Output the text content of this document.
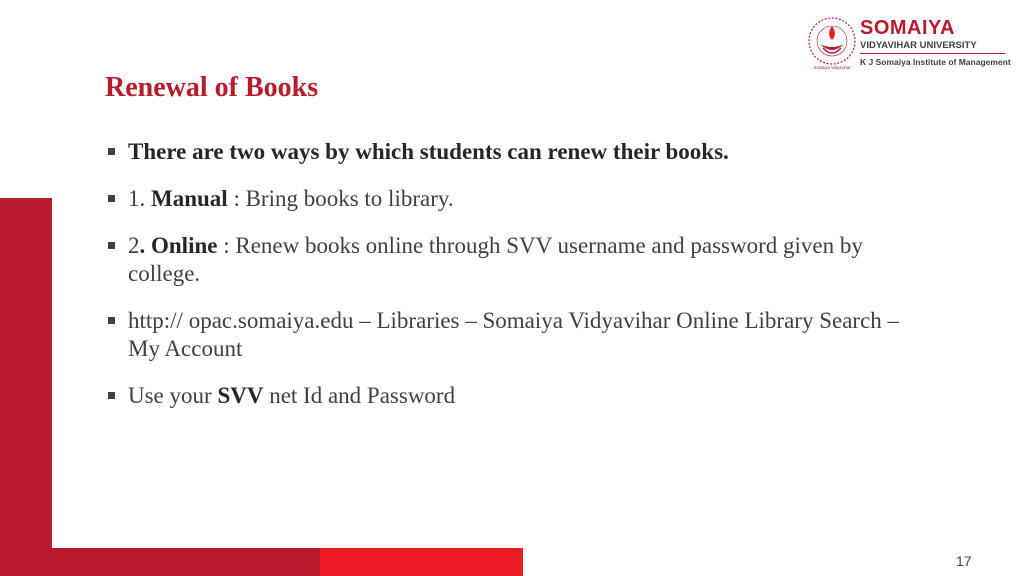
Somaiya Vidyavihar
SOMAIYA
VIDYAVIHAR UNIVERSITY
K J Somaiya Institute of Management
Renewal of Books
There are two ways by which students can renew their books.
1. Manual : Bring books to library.
2. Online : Renew books online through SVV username and password given by college.
http:// opac.somaiya.edu – Libraries – Somaiya Vidyavihar Online Library Search – My Account
Use your SVV net Id and Password
17
